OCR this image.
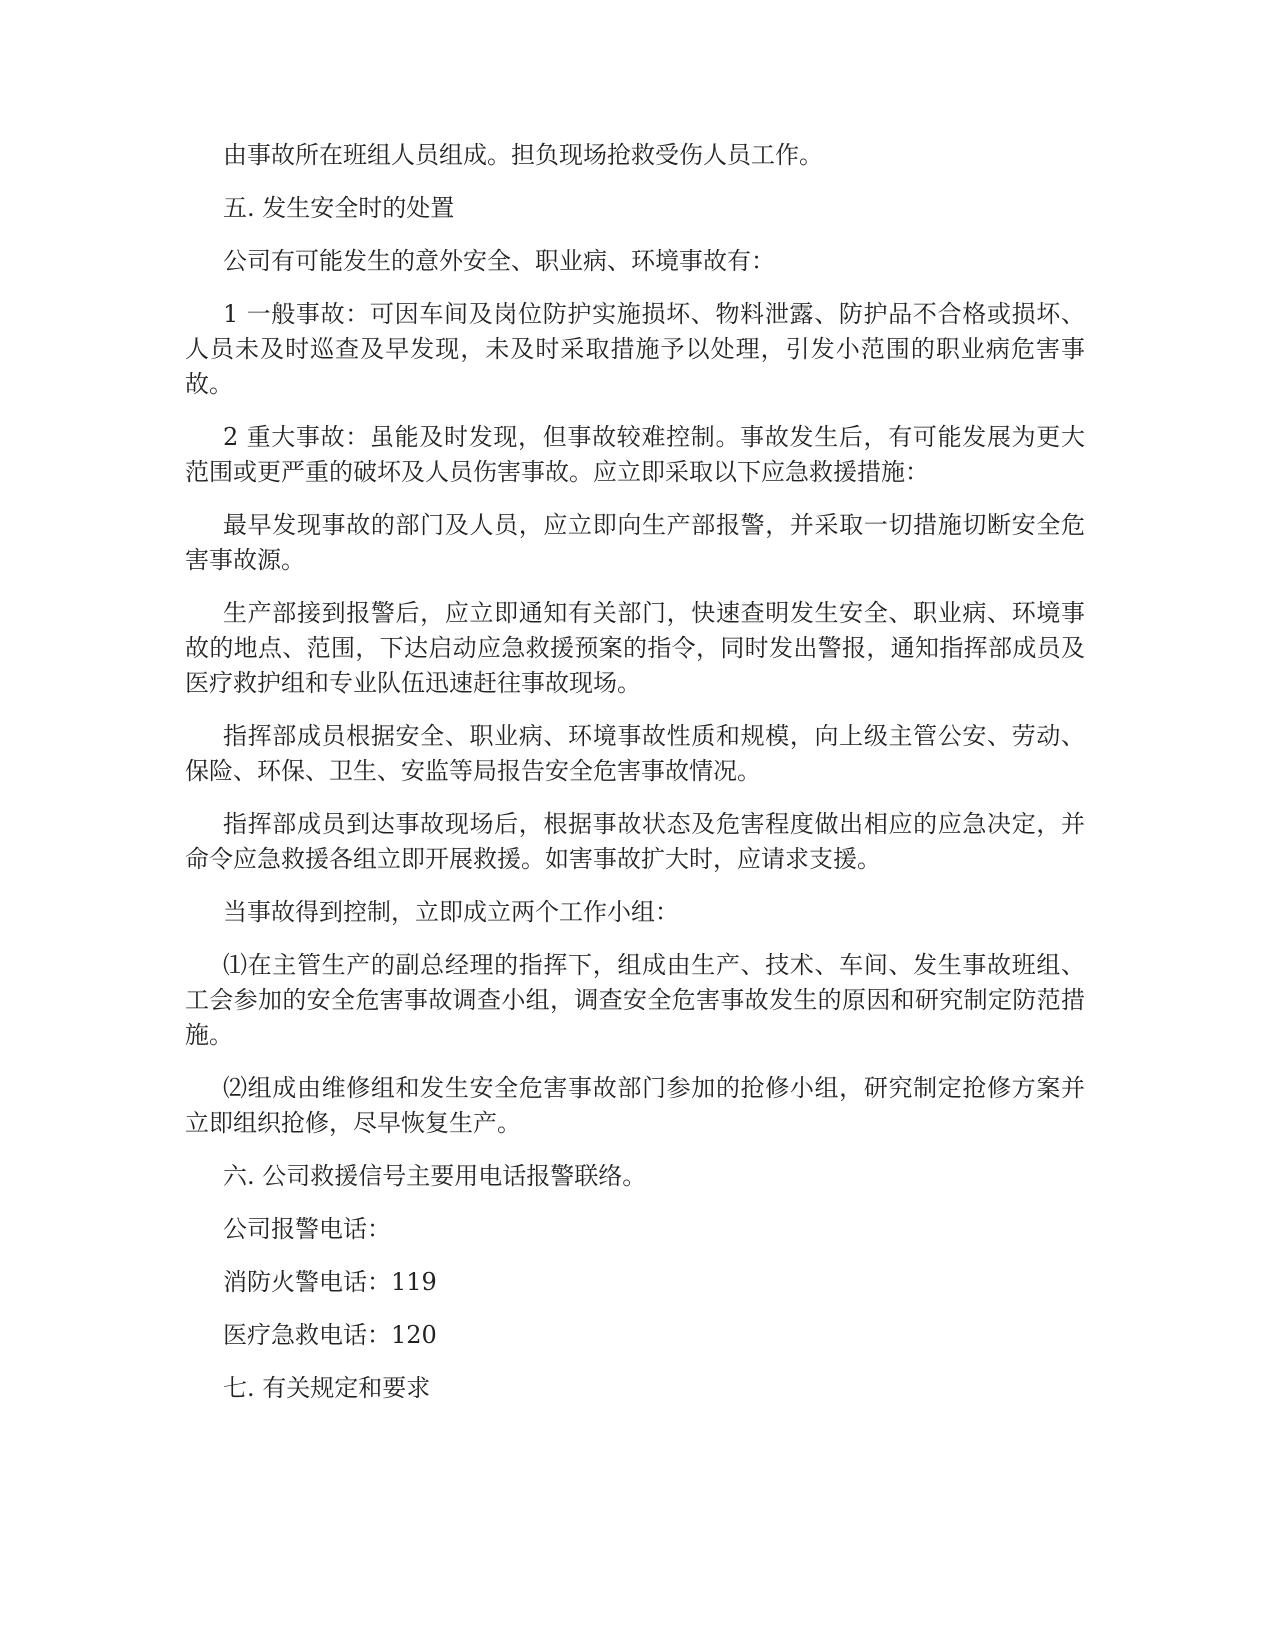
由事故所在班组人员组成。担负现场抢救受伤人员工作。

五. 发生安全时的处置

公司有可能发生的意外安全、职业病、环境事故有：

1 一般事故：可因车间及岗位防护实施损坏、物料泄露、防护品不合格或损坏、人员未及时巡查及早发现，未及时采取措施予以处理，引发小范围的职业病危害事故。

2 重大事故：虽能及时发现，但事故较难控制。事故发生后，有可能发展为更大范围或更严重的破坏及人员伤害事故。应立即采取以下应急救援措施：

最早发现事故的部门及人员，应立即向生产部报警，并采取一切措施切断安全危害事故源。

生产部接到报警后，应立即通知有关部门，快速查明发生安全、职业病、环境事故的地点、范围，下达启动应急救援预案的指令，同时发出警报，通知指挥部成员及医疗救护组和专业队伍迅速赶往事故现场。

指挥部成员根据安全、职业病、环境事故性质和规模，向上级主管公安、劳动、保险、环保、卫生、安监等局报告安全危害事故情况。

指挥部成员到达事故现场后，根据事故状态及危害程度做出相应的应急决定，并命令应急救援各组立即开展救援。如害事故扩大时，应请求支援。

当事故得到控制，立即成立两个工作小组：

⑴在主管生产的副总经理的指挥下，组成由生产、技术、车间、发生事故班组、工会参加的安全危害事故调查小组，调查安全危害事故发生的原因和研究制定防范措施。

⑵组成由维修组和发生安全危害事故部门参加的抢修小组，研究制定抢修方案并立即组织抢修，尽早恢复生产。

六. 公司救援信号主要用电话报警联络。

公司报警电话：

消防火警电话：119

医疗急救电话：120

七. 有关规定和要求
